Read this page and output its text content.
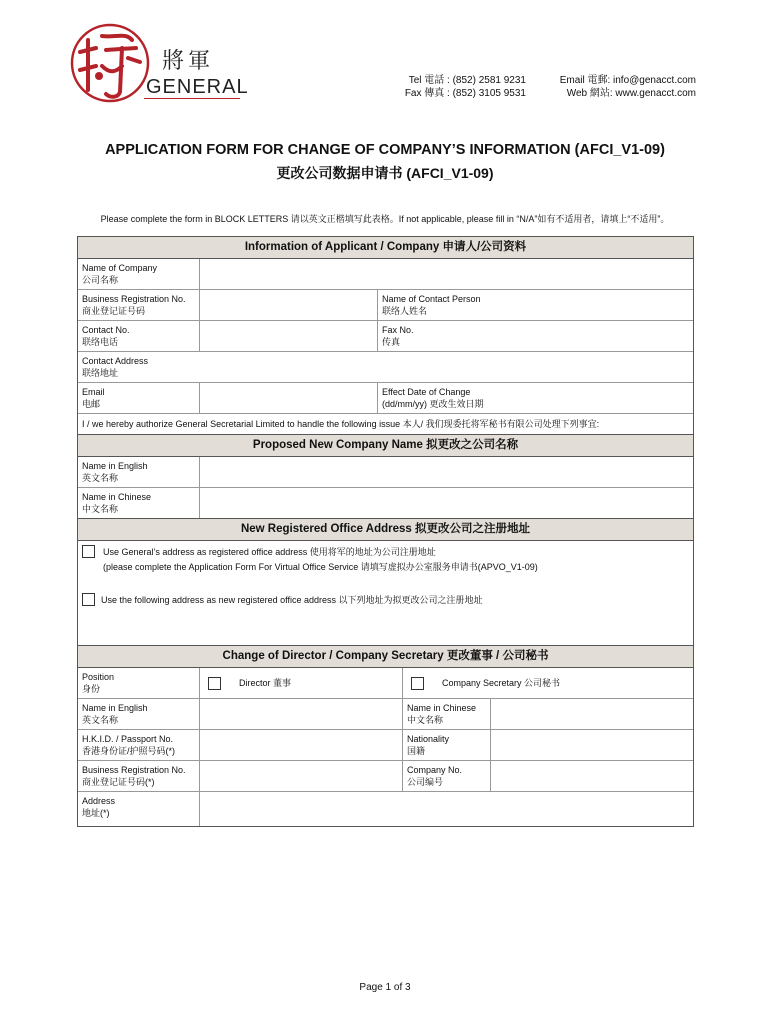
將軍
GENERAL	Tel 電話 : (852) 2581 9231
Fax 傳真 : (852) 3105 9531
Email 電郵: info@genacct.com
Web 網站: www.genacct.com
APPLICATION FORM FOR CHANGE OF COMPANY’S INFORMATION (AFCI_V1-09)
更改公司数据申请书 (AFCI_V1-09)
Please complete the form in BLOCK LETTERS 请以英文正楷填写此表格。If not applicable, please fill in “N/A”如有不适用者，请填上“不适用”。
Information of Applicant / Company 申请人/公司资料
Name of Company
公司名称
Business Registration No.
商业登记证号码
Name of Contact Person
联络人姓名
Contact No.
联络电话
Fax No.
传真
Contact Address
联络地址
Email
电邮
Effect Date of Change
(dd/mm/yy) 更改生效日期
I / we hereby authorize General Secretarial Limited to handle the following issue 本人/ 我们现委托将军秘书有限公司处理下列事宜:
Proposed New Company Name 拟更改之公司名称
Name in English
英文名称
Name in Chinese
中文名称
New Registered Office Address 拟更改公司之注册地址
Use General’s address as registered office address 使用将军的地址为公司注册地址
(please complete the Application Form For Virtual Office Service 请填写虚拟办公室服务申请书(APVO_V1-09)
Use the following address as new registered office address 以下列地址为拟更改公司之注册地址
Change of Director / Company Secretary 更改董事 / 公司秘书
Position
身份
Director 董事	Company Secretary 公司秘书
Name in English
英文名称
Name in Chinese
中文名称
H.K.I.D. / Passport No.
香港身份证/护照号码(*)
Nationality
国籍
Business Registration No.
商业登记证号码(*)
Company No.
公司编号
Address
地址(*)
Page 1 of 3
